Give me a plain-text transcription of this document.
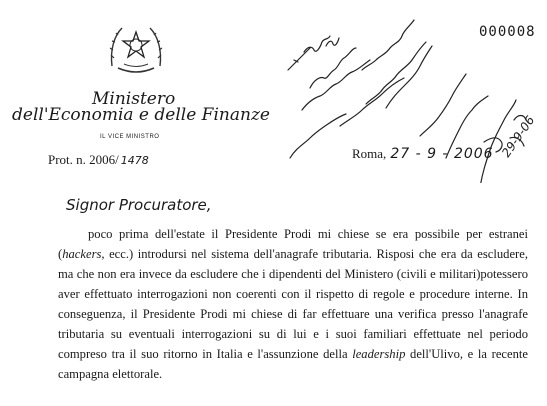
Ministero
dell'Economia e delle Finanze
IL VICE MINISTRO
Prot. n. 2006/ 1478
000008
29-9-06
Roma, 27 - 9 - 2006
Signor Procuratore,
poco prima dell'estate il Presidente Prodi mi chiese se era possibile per estranei (hackers, ecc.) introdursi nel sistema dell'anagrafe tributaria. Risposi che era da escludere, ma che non era invece da escludere che i dipendenti del Ministero (civili e militari)potessero aver effettuato interrogazioni non coerenti con il rispetto di regole e procedure interne. In conseguenza, il Presidente Prodi mi chiese di far effettuare una verifica presso l'anagrafe tributaria su eventuali interrogazioni su di lui e i suoi familiari effettuate nel periodo compreso tra il suo ritorno in Italia e l'assunzione della leadership dell'Ulivo, e la recente campagna elettorale.
